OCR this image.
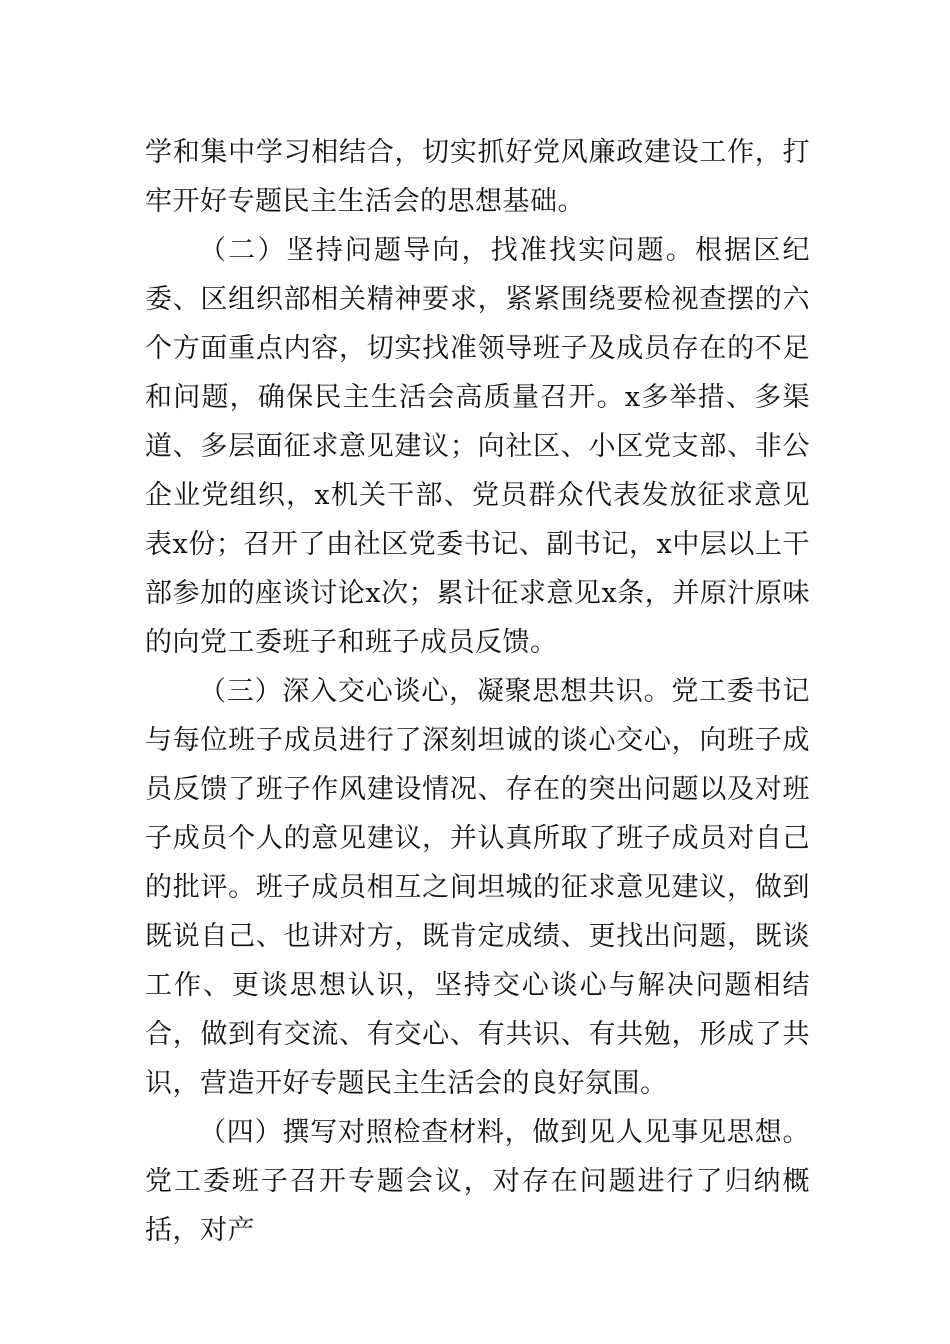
学和集中学习相结合，切实抓好党风廉政建设工作，打牢开好专题民主生活会的思想基础。

（二）坚持问题导向，找准找实问题。根据区纪委、区组织部相关精神要求，紧紧围绕要检视查摆的六个方面重点内容，切实找准领导班子及成员存在的不足和问题，确保民主生活会高质量召开。x多举措、多渠道、多层面征求意见建议；向社区、小区党支部、非公企业党组织，x机关干部、党员群众代表发放征求意见表x份；召开了由社区党委书记、副书记，x中层以上干部参加的座谈讨论x次；累计征求意见x条，并原汁原味的向党工委班子和班子成员反馈。

（三）深入交心谈心，凝聚思想共识。党工委书记与每位班子成员进行了深刻坦诚的谈心交心，向班子成员反馈了班子作风建设情况、存在的突出问题以及对班子成员个人的意见建议，并认真所取了班子成员对自己的批评。班子成员相互之间坦城的征求意见建议，做到既说自己、也讲对方，既肯定成绩、更找出问题，既谈工作、更谈思想认识，坚持交心谈心与解决问题相结合，做到有交流、有交心、有共识、有共勉，形成了共识，营造开好专题民主生活会的良好氛围。

（四）撰写对照检查材料，做到见人见事见思想。党工委班子召开专题会议，对存在问题进行了归纳概括，对产
